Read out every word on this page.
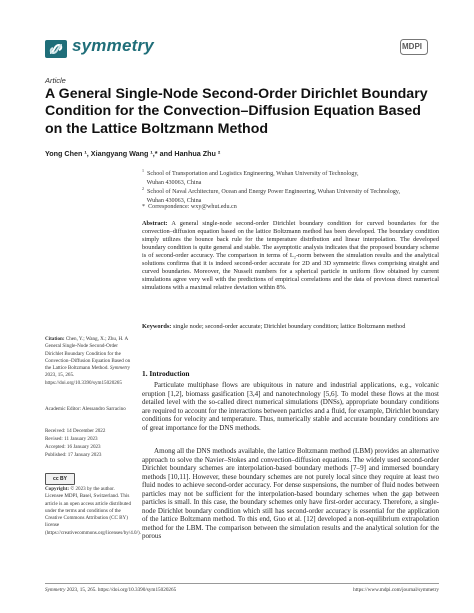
symmetry	MDPI
Article
A General Single-Node Second-Order Dirichlet Boundary Condition for the Convection–Diffusion Equation Based on the Lattice Boltzmann Method
Yong Chen ¹, Xiangyang Wang ¹,* and Hanhua Zhu ²
$^1$  School of Transportation and Logistics Engineering, Wuhan University of Technology,
Wuhan 430063, China
$^2$  School of Naval Architecture, Ocean and Energy Power Engineering, Wuhan University of Technology,
Wuhan 430063, China
* Correspondence: wxy@whut.edu.cn
Abstract: A general single-node second-order Dirichlet boundary condition for curved boundaries for the convection–diffusion equation based on the lattice Boltzmann method has been developed. The boundary condition simply utilizes the bounce back rule for the temperature distribution and linear interpolation. The developed boundary condition is quite general and stable. The asymptotic analysis indicates that the proposed boundary scheme is of second-order accuracy. The comparison in terms of L₂-norm between the simulation results and the analytical solutions confirms that it is indeed second-order accurate for 2D and 3D symmetric flows comprising straight and curved boundaries. Moreover, the Nusselt numbers for a spherical particle in uniform flow obtained by current simulations agree very well with the predictions of empirical correlations and the data of previous direct numerical simulations with a maximal relative deviation within 8%.
Keywords: single node; second-order accurate; Dirichlet boundary condition; lattice Boltzmann method
Citation: Chen, Y.; Wang, X.; Zhu, H. A General Single-Node Second-Order Dirichlet Boundary Condition for the Convection–Diffusion Equation Based on the Lattice Boltzmann Method. Symmetry 2023, 15, 265. https://doi.org/10.3390/sym15020265
Academic Editor: Alessandro Sarracino
Received: 14 December 2022
Revised: 11 January 2023
Accepted: 16 January 2023
Published: 17 January 2023
cc BY
Copyright: © 2023 by the author. Licensee MDPI, Basel, Switzerland. This article is an open access article distributed under the terms and conditions of the Creative Commons Attribution (CC BY) license (https://creativecommons.org/licenses/by/4.0/).
1. Introduction
Particulate multiphase flows are ubiquitous in nature and industrial applications, e.g., volcanic eruption [1,2], biomass gasification [3,4] and nanotechnology [5,6]. To model these flows at the most detailed level with the so-called direct numerical simulations (DNSs), appropriate boundary conditions are required to account for the interactions between particles and a fluid, for example, Dirichlet boundary conditions for velocity and temperature. Thus, numerically stable and accurate boundary conditions are of great importance for the DNS methods.
Among all the DNS methods available, the lattice Boltzmann method (LBM) provides an alternative approach to solve the Navier–Stokes and convection–diffusion equations. The widely used second-order Dirichlet boundary schemes are interpolation-based boundary methods [7–9] and immersed boundary methods [10,11]. However, these boundary schemes are not purely local since they require at least two fluid nodes to achieve second-order accuracy. For dense suspensions, the number of fluid nodes between particles may not be sufficient for the interpolation-based boundary schemes when the gap between particles is small. In this case, the boundary schemes only have first-order accuracy. Therefore, a single-node Dirichlet boundary condition which still has second-order accuracy is essential for the application of the lattice Boltzmann method. To this end, Guo et al. [12] developed a non-equilibrium extrapolation method for the LBM. The comparison between the simulation results and the analytical solution for the porous
Symmetry 2023, 15, 265. https://doi.org/10.3390/sym15020265	https://www.mdpi.com/journal/symmetry
